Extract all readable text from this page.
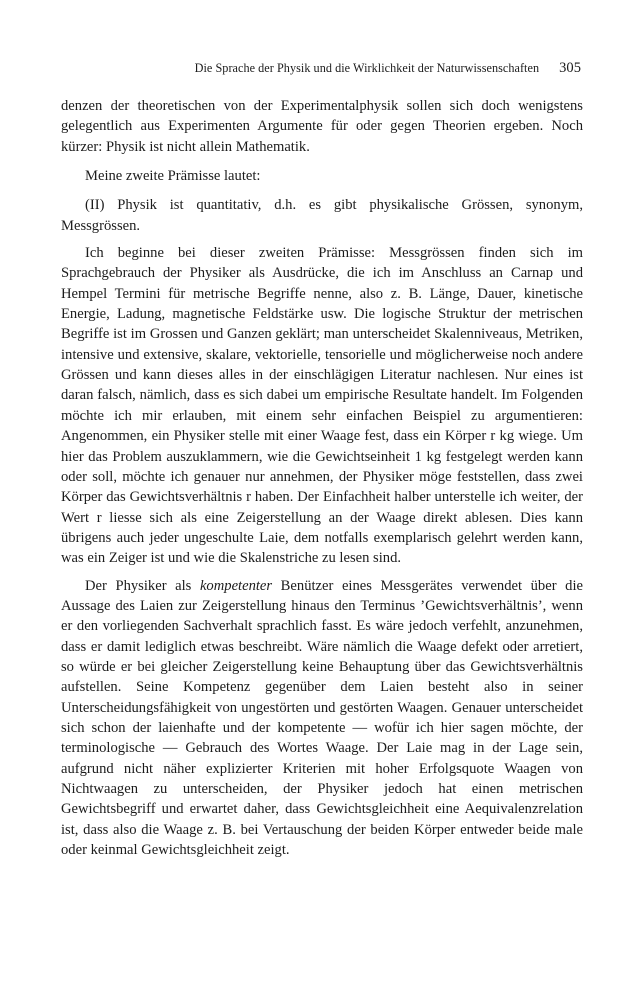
Die Sprache der Physik und die Wirklichkeit der Naturwissenschaften 305

denzen der theoretischen von der Experimentalphysik sollen sich doch wenigstens gelegentlich aus Experimenten Argumente für oder gegen Theorien ergeben. Noch kürzer: Physik ist nicht allein Mathematik.

Meine zweite Prämisse lautet:

(II) Physik ist quantitativ, d.h. es gibt physikalische Grössen, synonym, Messgrössen.

Ich beginne bei dieser zweiten Prämisse: Messgrössen finden sich im Sprachgebrauch der Physiker als Ausdrücke, die ich im Anschluss an Carnap und Hempel Termini für metrische Begriffe nenne, also z. B. Länge, Dauer, kinetische Energie, Ladung, magnetische Feldstärke usw. Die logische Struktur der metrischen Begriffe ist im Grossen und Ganzen geklärt; man unterscheidet Skalenniveaus, Metriken, intensive und extensive, skalare, vektorielle, tensorielle und möglicherweise noch andere Grössen und kann dieses alles in der einschlägigen Literatur nachlesen. Nur eines ist daran falsch, nämlich, dass es sich dabei um empirische Resultate handelt. Im Folgenden möchte ich mir erlauben, mit einem sehr einfachen Beispiel zu argumentieren: Angenommen, ein Physiker stelle mit einer Waage fest, dass ein Körper r kg wiege. Um hier das Problem auszuklammern, wie die Gewichtseinheit 1 kg festgelegt werden kann oder soll, möchte ich genauer nur annehmen, der Physiker möge feststellen, dass zwei Körper das Gewichtsverhältnis r haben. Der Einfachheit halber unterstelle ich weiter, der Wert r liesse sich als eine Zeigerstellung an der Waage direkt ablesen. Dies kann übrigens auch jeder ungeschulte Laie, dem notfalls exemplarisch gelehrt werden kann, was ein Zeiger ist und wie die Skalenstriche zu lesen sind.

Der Physiker als kompetenter Benützer eines Messgerätes verwendet über die Aussage des Laien zur Zeigerstellung hinaus den Terminus ’Gewichtsverhältnis’, wenn er den vorliegenden Sachverhalt sprachlich fasst. Es wäre jedoch verfehlt, anzunehmen, dass er damit lediglich etwas beschreibt. Wäre nämlich die Waage defekt oder arretiert, so würde er bei gleicher Zeigerstellung keine Behauptung über das Gewichtsverhältnis aufstellen. Seine Kompetenz gegenüber dem Laien besteht also in seiner Unterscheidungsfähigkeit von ungestörten und gestörten Waagen. Genauer unterscheidet sich schon der laienhafte und der kompetente — wofür ich hier sagen möchte, der terminologische — Gebrauch des Wortes Waage. Der Laie mag in der Lage sein, aufgrund nicht näher explizierter Kriterien mit hoher Erfolgsquote Waagen von Nichtwaagen zu unterscheiden, der Physiker jedoch hat einen metrischen Gewichtsbegriff und erwartet daher, dass Gewichtsgleichheit eine Aequivalenzrelation ist, dass also die Waage z. B. bei Vertauschung der beiden Körper entweder beide male oder keinmal Gewichtsgleichheit zeigt.
